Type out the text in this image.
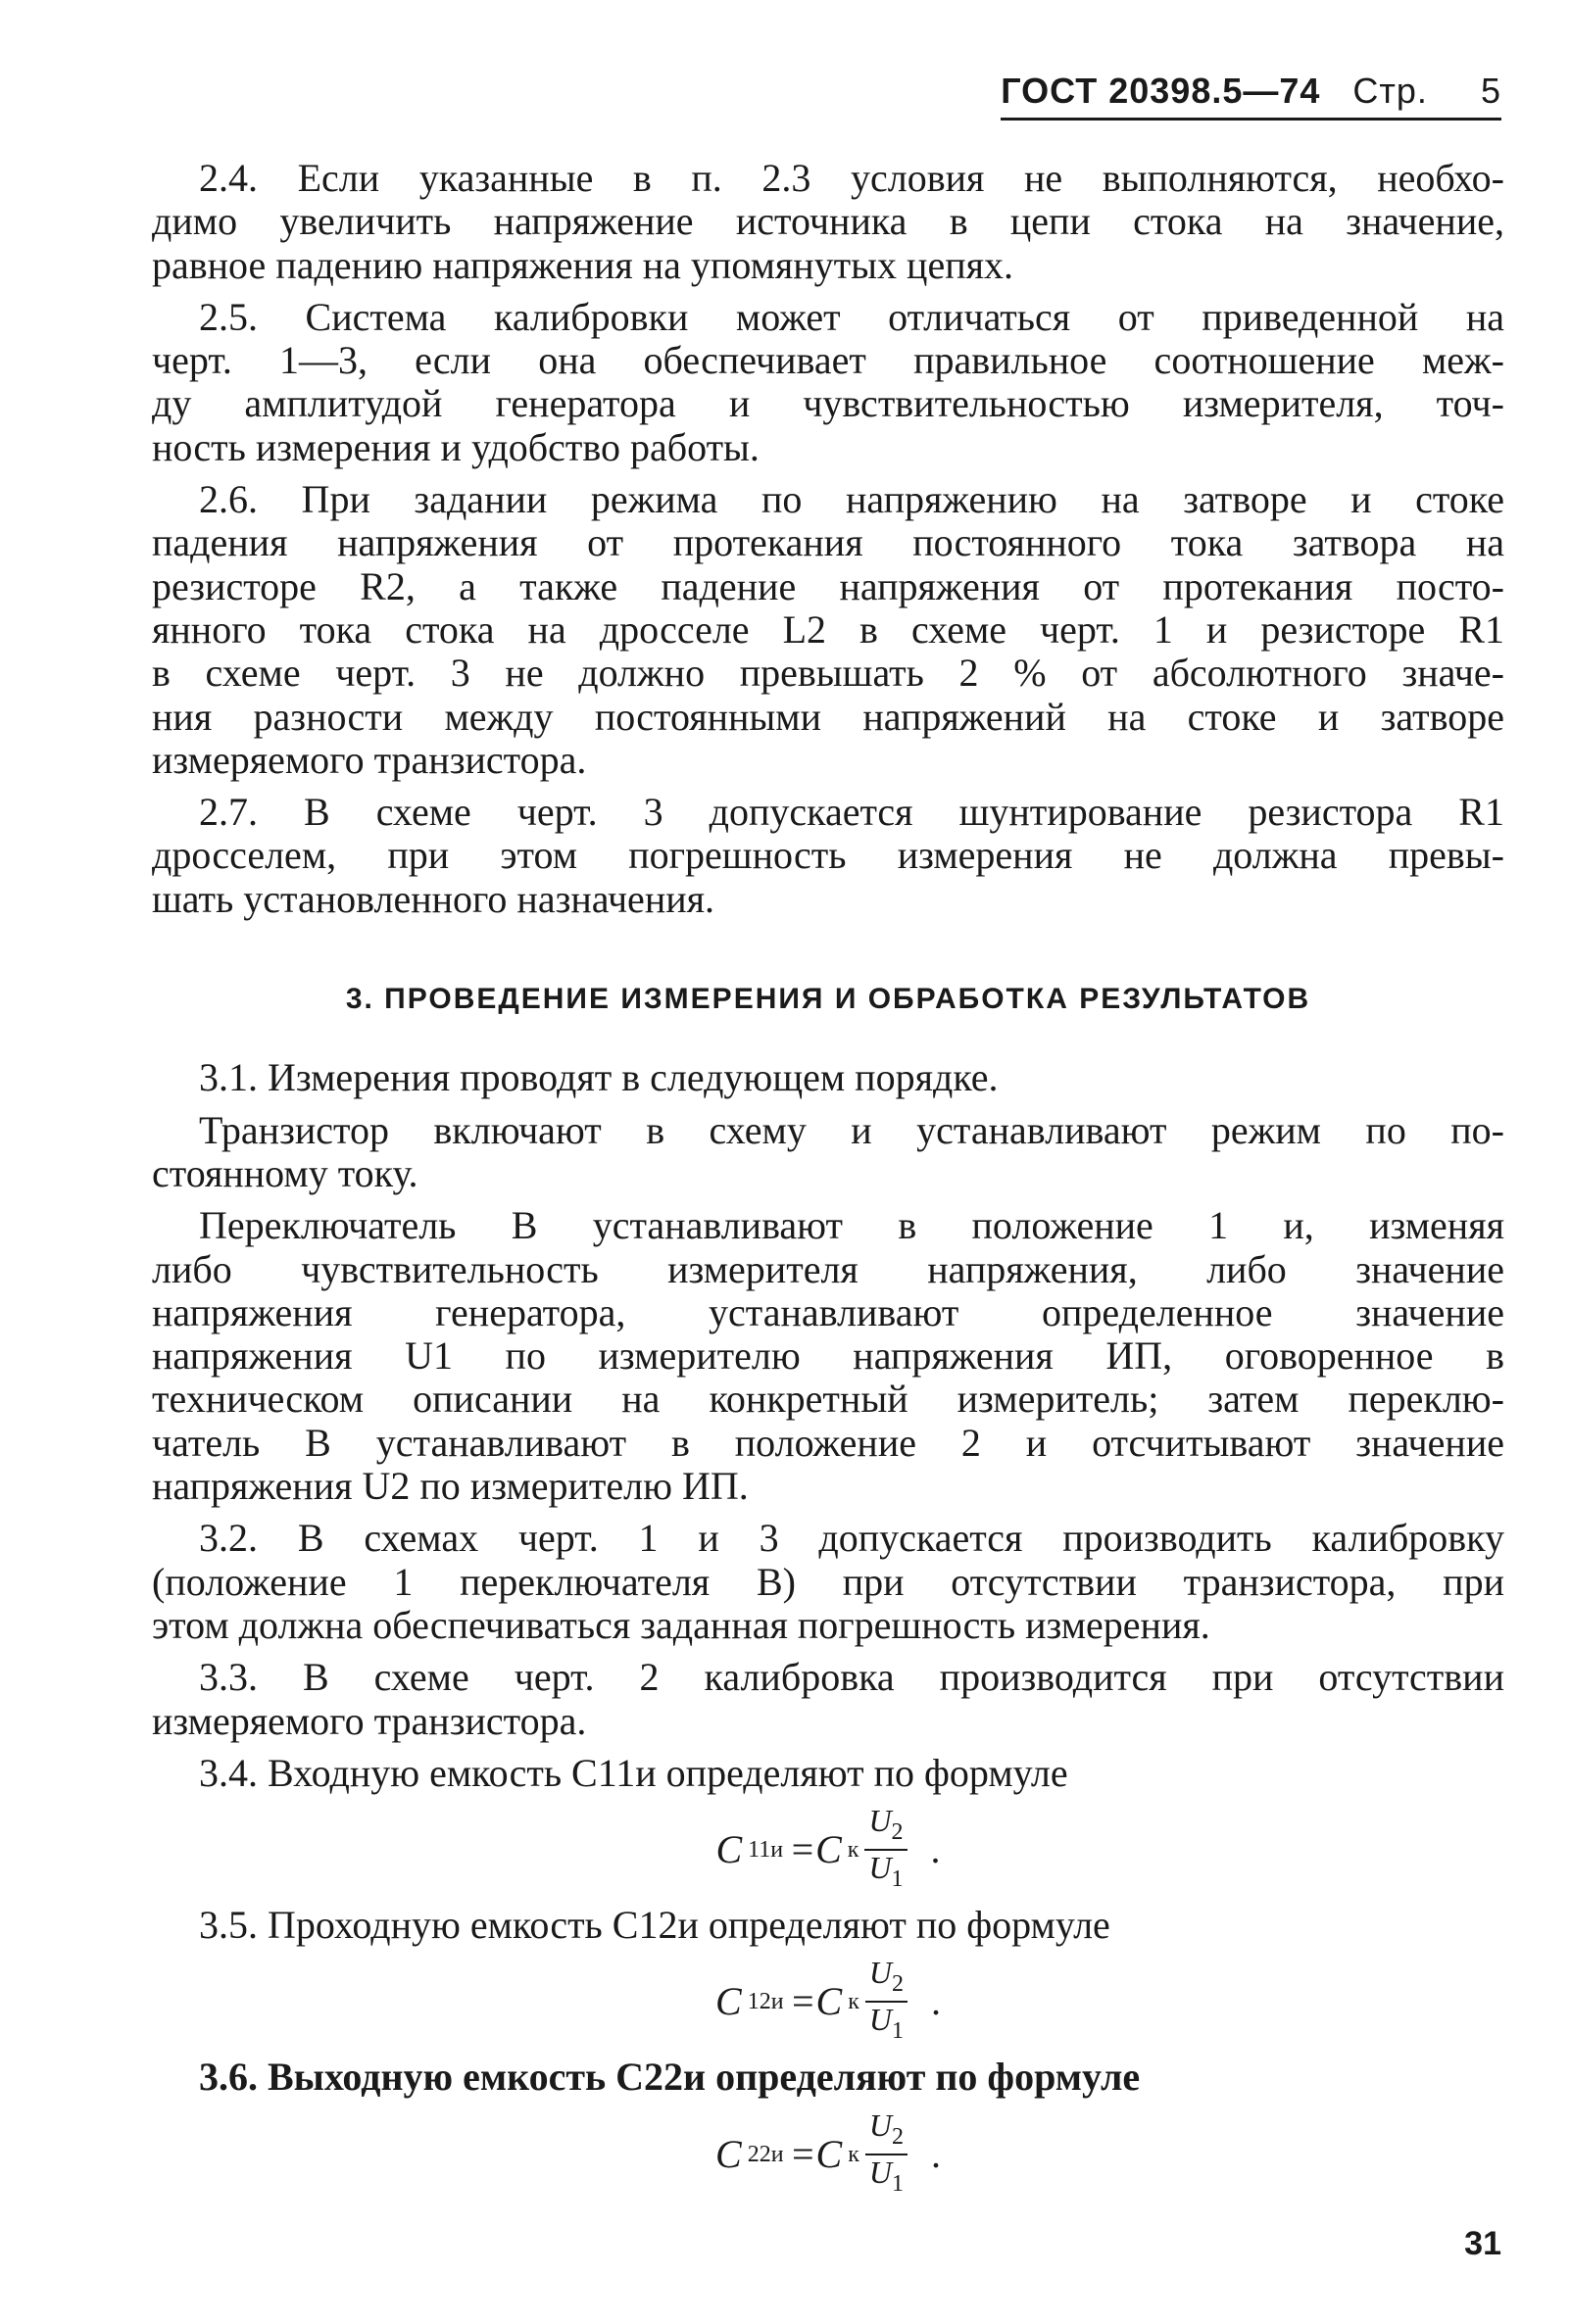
ГОСТ 20398.5—74 Стр. 5
2.4. Если указанные в п. 2.3 условия не выполняются, необхо-
димо увеличить напряжение источника в цепи стока на значение,
равное падению напряжения на упомянутых цепях.
2.5. Система калибровки может отличаться от приведенной на
черт. 1—3, если она обеспечивает правильное соотношение меж-
ду амплитудой генератора и чувствительностью измерителя, точ-
ность измерения и удобство работы.
2.6. При задании режима по напряжению на затворе и стоке
падения напряжения от протекания постоянного тока затвора на
резисторе R2, а также падение напряжения от протекания посто-
янного тока стока на дросселе L2 в схеме черт. 1 и резисторе R1
в схеме черт. 3 не должно превышать 2 % от абсолютного значе-
ния разности между постоянными напряжений на стоке и затворе
измеряемого транзистора.
2.7. В схеме черт. 3 допускается шунтирование резистора R1
дросселем, при этом погрешность измерения не должна превы-
шать установленного назначения.
3. ПРОВЕДЕНИЕ ИЗМЕРЕНИЯ И ОБРАБОТКА РЕЗУЛЬТАТОВ
3.1. Измерения проводят в следующем порядке.
Транзистор включают в схему и устанавливают режим по по-
стоянному току.
Переключатель B устанавливают в положение 1 и, изменяя
либо чувствительность измерителя напряжения, либо значение
напряжения генератора, устанавливают определенное значение
напряжения U1 по измерителю напряжения ИП, оговоренное в
техническом описании на конкретный измеритель; затем переклю-
чатель B устанавливают в положение 2 и отсчитывают значение
напряжения U2 по измерителю ИП.
3.2. В схемах черт. 1 и 3 допускается производить калибровку
(положение 1 переключателя B) при отсутствии транзистора, при
этом должна обеспечиваться заданная погрешность измерения.
3.3. В схеме черт. 2 калибровка производится при отсутствии
измеряемого транзистора.
3.4. Входную емкость C11и определяют по формуле
C 11и =C к $\frac{U_2}{U_1}$ .
3.5. Проходную емкость C12и определяют по формуле
C 12и =C к $\frac{U_2}{U_1}$ .
3.6. Выходную емкость C22и определяют по формуле
C 22и =C к $\frac{U_2}{U_1}$ .
31
